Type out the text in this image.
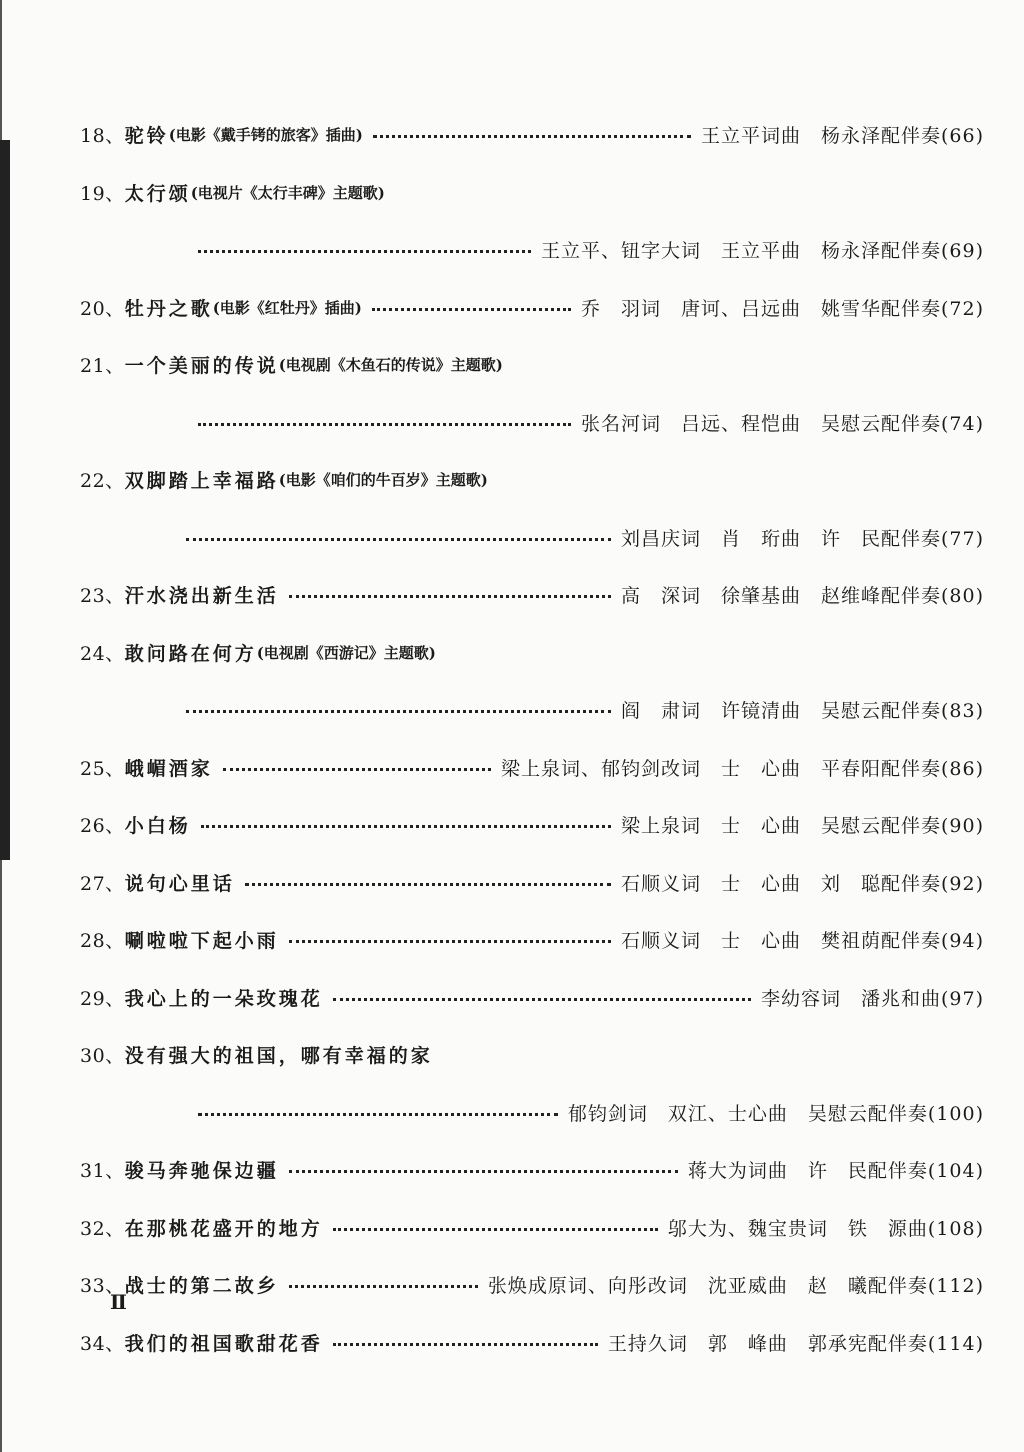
18、 驼铃 (电影《戴手铐的旅客》插曲)	王立平词曲　杨永泽配伴奏(66)
19、 太行颂 (电视片《太行丰碑》主题歌)
王立平、钮字大词　王立平曲　杨永泽配伴奏(69)
20、 牡丹之歌 (电影《红牡丹》插曲)	乔　羽词　唐诃、吕远曲　姚雪华配伴奏(72)
21、 一个美丽的传说 (电视剧《木鱼石的传说》主题歌)
张名河词　吕远、程恺曲　吴慰云配伴奏(74)
22、 双脚踏上幸福路 (电影《咱们的牛百岁》主题歌)
刘昌庆词　肖　珩曲　许　民配伴奏(77)
23、 汗水浇出新生活	高　深词　徐肇基曲　赵维峰配伴奏(80)
24、 敢问路在何方 (电视剧《西游记》主题歌)
阎　肃词　许镜清曲　吴慰云配伴奏(83)
25、 峨嵋酒家	梁上泉词、郁钧剑改词　士　心曲　平春阳配伴奏(86)
26、 小白杨	梁上泉词　士　心曲　吴慰云配伴奏(90)
27、 说句心里话	石顺义词　士　心曲　刘　聪配伴奏(92)
28、 唰啦啦下起小雨	石顺义词　士　心曲　樊祖荫配伴奏(94)
29、 我心上的一朵玫瑰花	李幼容词　潘兆和曲(97)
30、 没有强大的祖国，哪有幸福的家
郁钧剑词　双江、士心曲　吴慰云配伴奏(100)
31、 骏马奔驰保边疆	蒋大为词曲　许　民配伴奏(104)
32、 在那桃花盛开的地方	邬大为、魏宝贵词　铁　源曲(108)
33、 战士的第二故乡	张焕成原词、向彤改词　沈亚威曲　赵　曦配伴奏(112)
34、 我们的祖国歌甜花香	王持久词　郭　峰曲　郭承宪配伴奏(114)
Ⅱ
